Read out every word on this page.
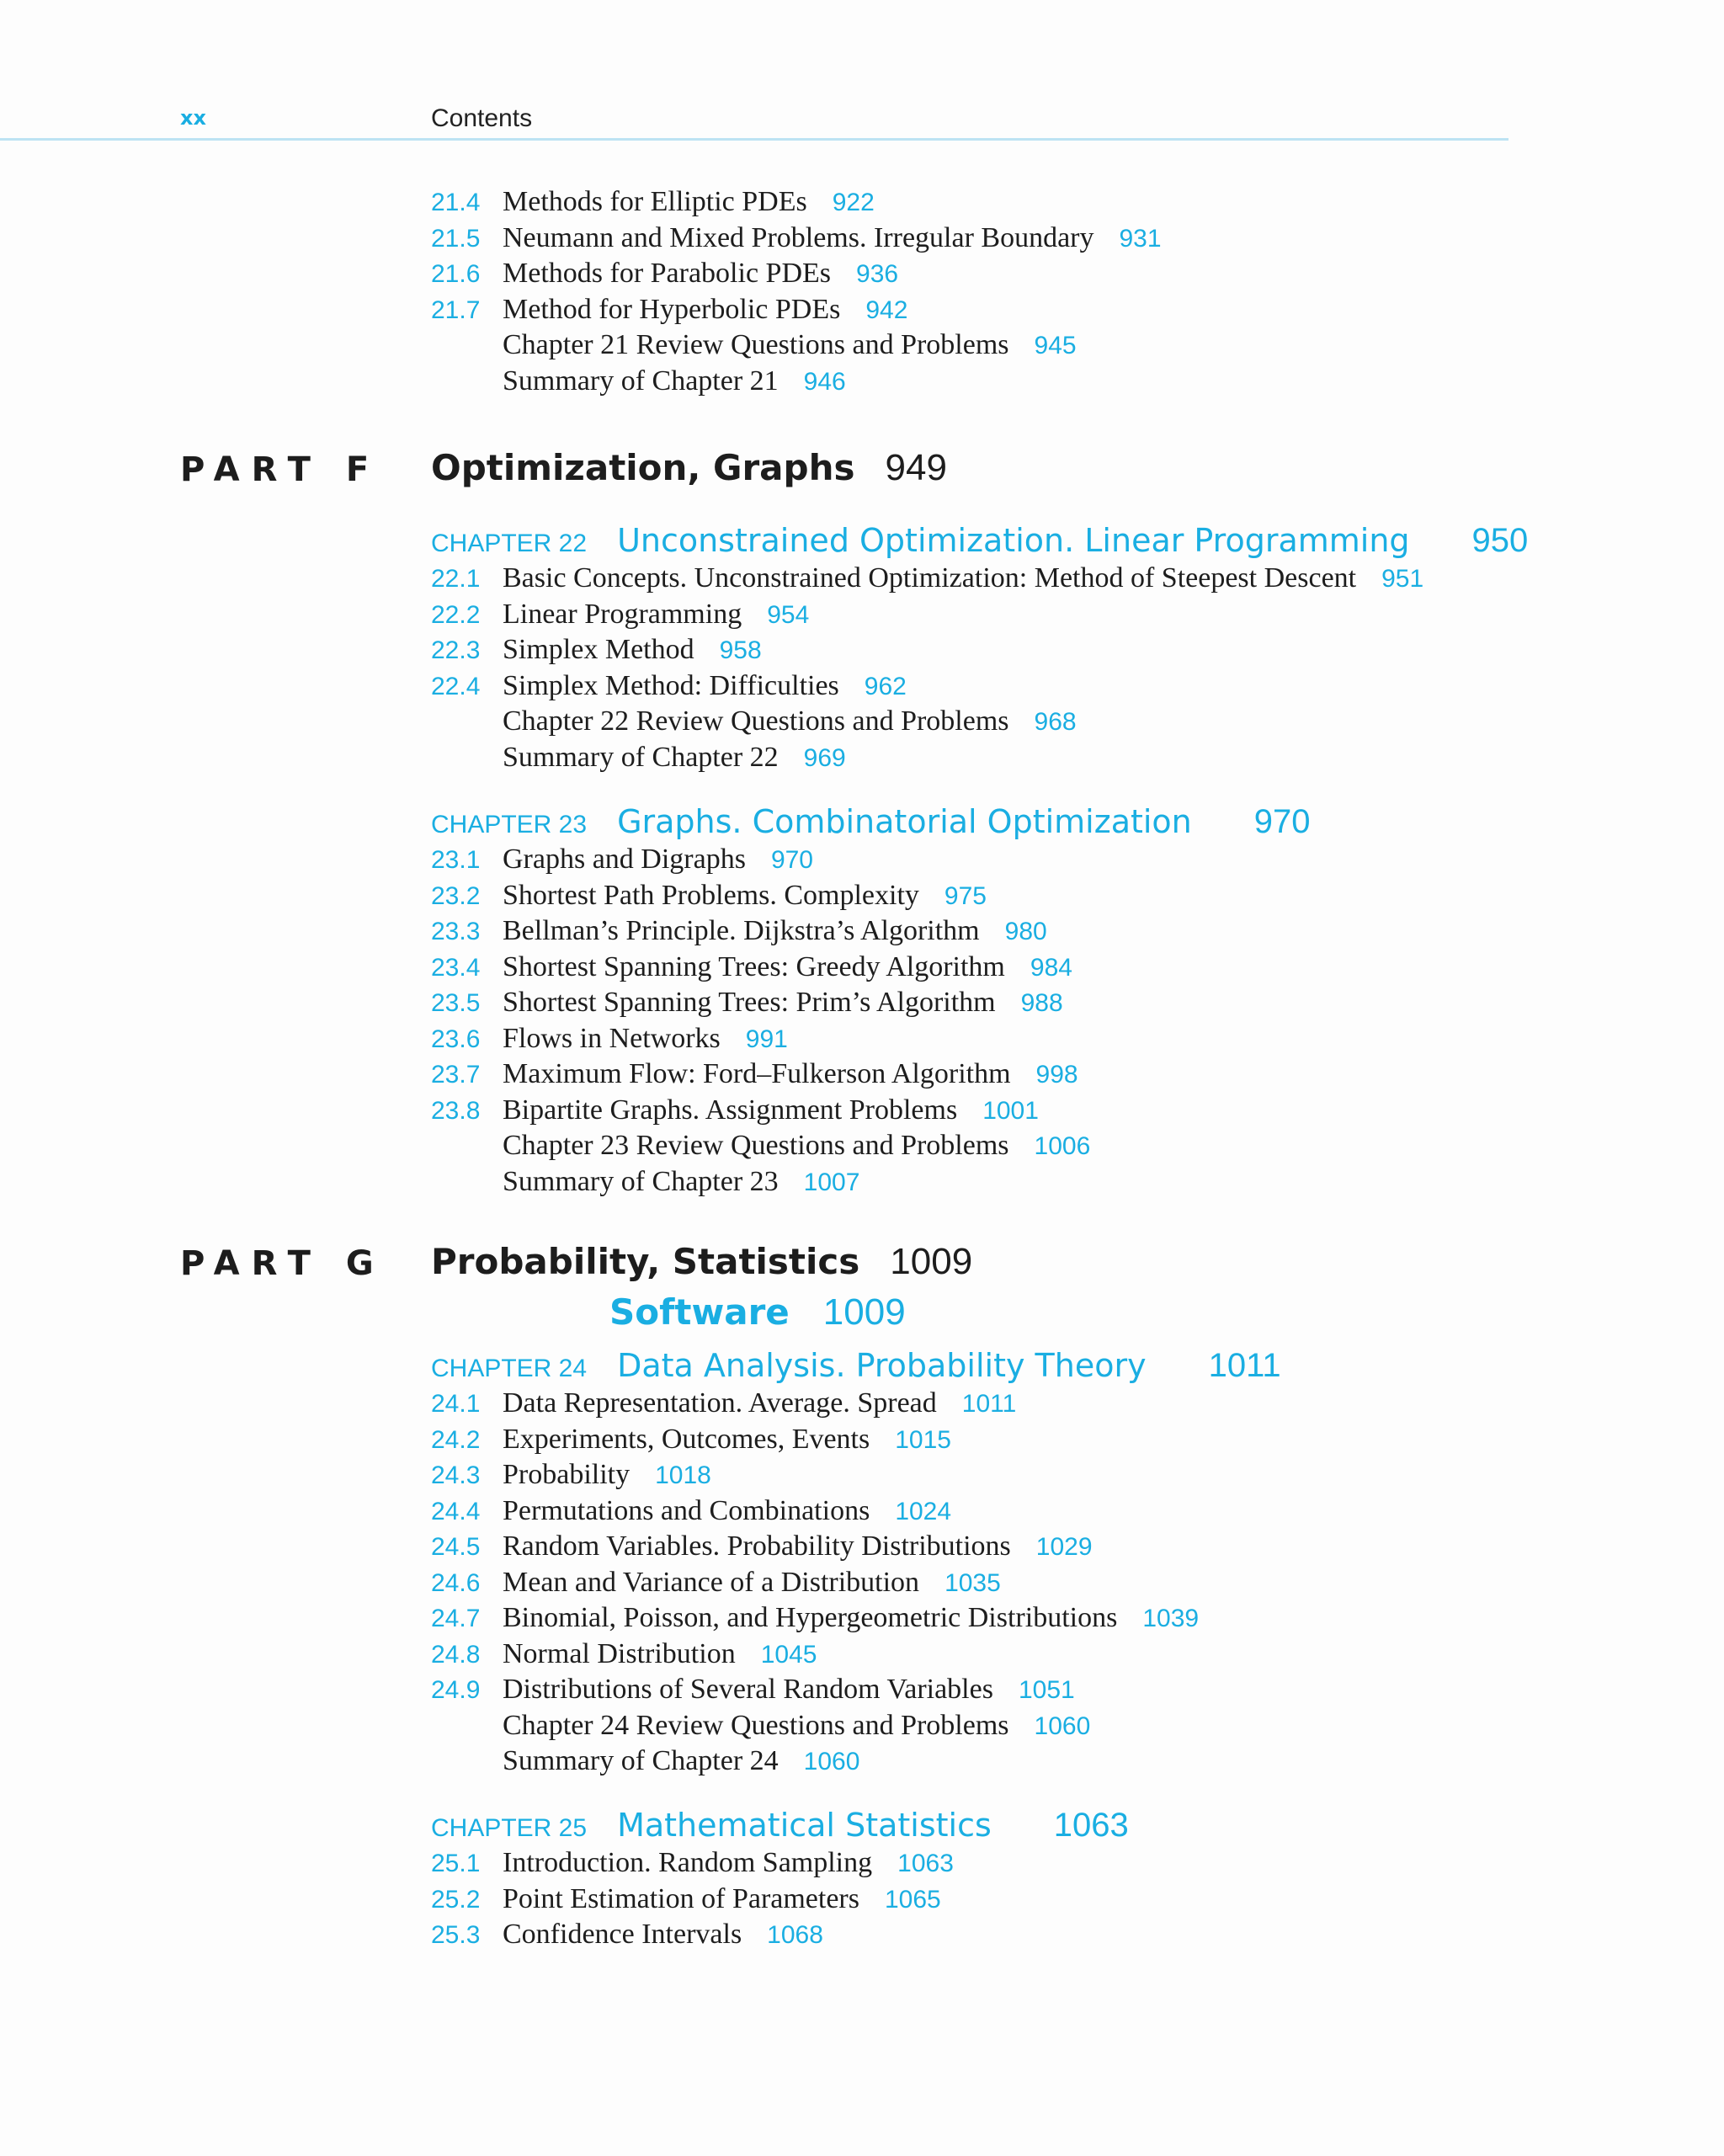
xx	Contents
21.4 Methods for Elliptic PDEs 922
21.5 Neumann and Mixed Problems. Irregular Boundary 931
21.6 Methods for Parabolic PDEs 936
21.7 Method for Hyperbolic PDEs 942
Chapter 21 Review Questions and Problems 945
Summary of Chapter 21 946
PART F Optimization, Graphs 949
CHAPTER 22 Unconstrained Optimization. Linear Programming 950
22.1 Basic Concepts. Unconstrained Optimization: Method of Steepest Descent 951
22.2 Linear Programming 954
22.3 Simplex Method 958
22.4 Simplex Method: Difficulties 962
Chapter 22 Review Questions and Problems 968
Summary of Chapter 22 969
CHAPTER 23 Graphs. Combinatorial Optimization 970
23.1 Graphs and Digraphs 970
23.2 Shortest Path Problems. Complexity 975
23.3 Bellman’s Principle. Dijkstra’s Algorithm 980
23.4 Shortest Spanning Trees: Greedy Algorithm 984
23.5 Shortest Spanning Trees: Prim’s Algorithm 988
23.6 Flows in Networks 991
23.7 Maximum Flow: Ford–Fulkerson Algorithm 998
23.8 Bipartite Graphs. Assignment Problems 1001
Chapter 23 Review Questions and Problems 1006
Summary of Chapter 23 1007
PART G Probability, Statistics 1009
Software 1009
CHAPTER 24 Data Analysis. Probability Theory 1011
24.1 Data Representation. Average. Spread 1011
24.2 Experiments, Outcomes, Events 1015
24.3 Probability 1018
24.4 Permutations and Combinations 1024
24.5 Random Variables. Probability Distributions 1029
24.6 Mean and Variance of a Distribution 1035
24.7 Binomial, Poisson, and Hypergeometric Distributions 1039
24.8 Normal Distribution 1045
24.9 Distributions of Several Random Variables 1051
Chapter 24 Review Questions and Problems 1060
Summary of Chapter 24 1060
CHAPTER 25 Mathematical Statistics 1063
25.1 Introduction. Random Sampling 1063
25.2 Point Estimation of Parameters 1065
25.3 Confidence Intervals 1068
